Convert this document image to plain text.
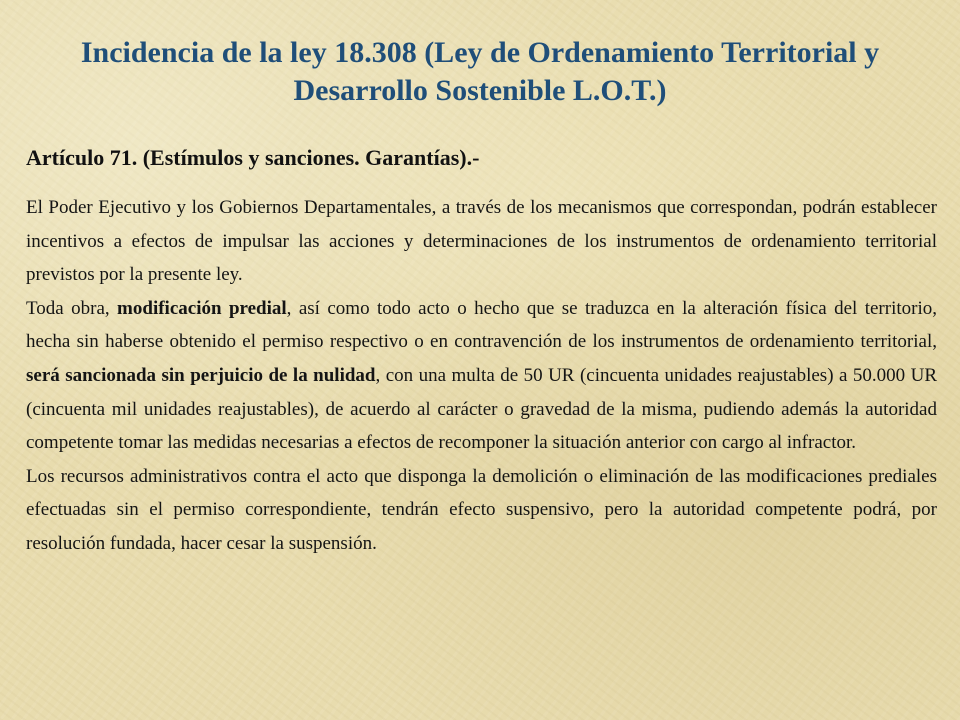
Incidencia de la ley 18.308 (Ley de Ordenamiento Territorial y
Desarrollo Sostenible L.O.T.)
Artículo 71. (Estímulos y sanciones. Garantías).-

El Poder Ejecutivo y los Gobiernos Departamentales, a través de los mecanismos que correspondan, podrán establecer incentivos a efectos de impulsar las acciones y determinaciones de los instrumentos de ordenamiento territorial previstos por la presente ley.

Toda obra, modificación predial, así como todo acto o hecho que se traduzca en la alteración física del territorio, hecha sin haberse obtenido el permiso respectivo o en contravención de los instrumentos de ordenamiento territorial, será sancionada sin perjuicio de la nulidad, con una multa de 50 UR (cincuenta unidades reajustables) a 50.000 UR (cincuenta mil unidades reajustables), de acuerdo al carácter o gravedad de la misma, pudiendo además la autoridad competente tomar las medidas necesarias a efectos de recomponer la situación anterior con cargo al infractor.

Los recursos administrativos contra el acto que disponga la demolición o eliminación de las modificaciones prediales efectuadas sin el permiso correspondiente, tendrán efecto suspensivo, pero la autoridad competente podrá, por resolución fundada, hacer cesar la suspensión.
